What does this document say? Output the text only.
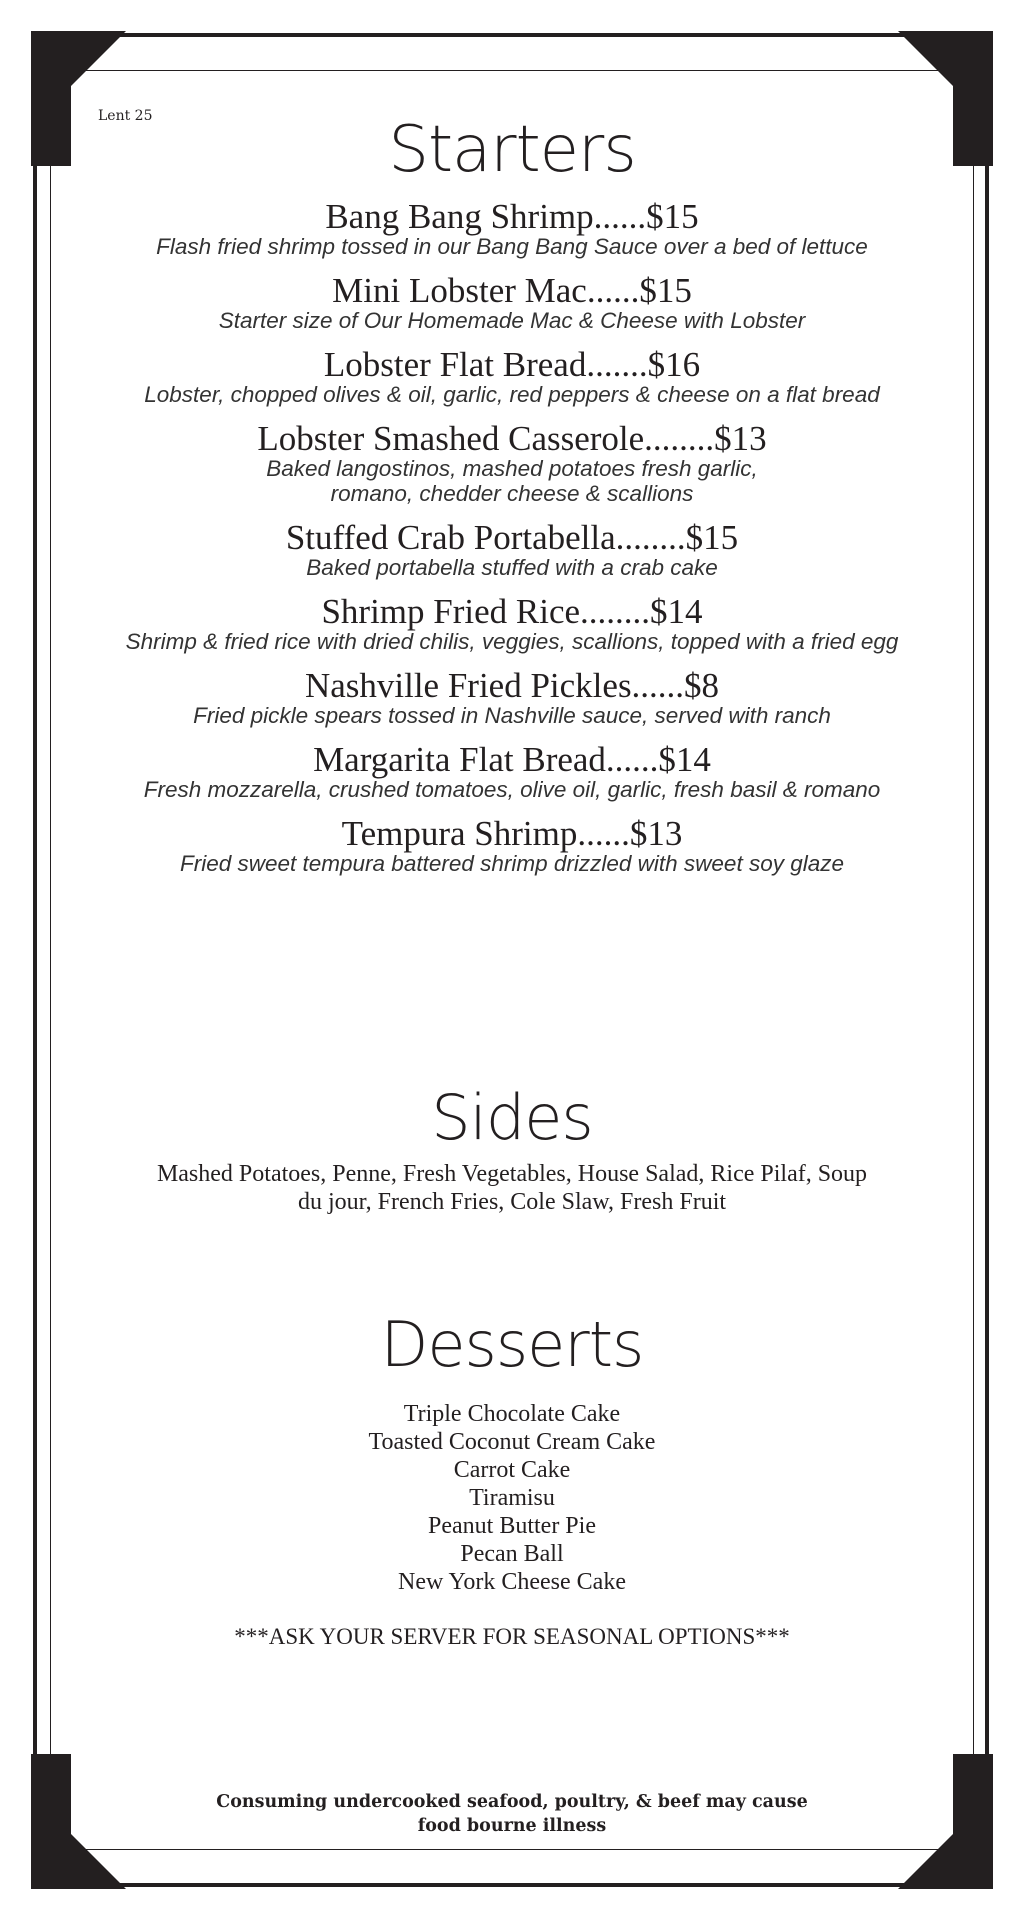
Lent 25	Starters
Bang Bang Shrimp......$15
Flash fried shrimp tossed in our Bang Bang Sauce over a bed of lettuce
Mini Lobster Mac......$15
Starter size of Our Homemade Mac & Cheese with Lobster
Lobster Flat Bread.......$16
Lobster, chopped olives & oil, garlic, red peppers & cheese on a flat bread
Lobster Smashed Casserole........$13
Baked langostinos, mashed potatoes fresh garlic, romano, chedder cheese & scallions
Stuffed Crab Portabella........$15
Baked portabella stuffed with a crab cake
Shrimp Fried Rice........$14
Shrimp & fried rice with dried chilis, veggies, scallions, topped with a fried egg
Nashville Fried Pickles......$8
Fried pickle spears tossed in Nashville sauce, served with ranch
Margarita Flat Bread......$14
Fresh mozzarella, crushed tomatoes, olive oil, garlic, fresh basil & romano
Tempura Shrimp......$13
Fried sweet tempura battered shrimp drizzled with sweet soy glaze
Sides
Mashed Potatoes, Penne, Fresh Vegetables, House Salad, Rice Pilaf, Soup du jour, French Fries, Cole Slaw, Fresh Fruit
Desserts
Triple Chocolate Cake
Toasted Coconut Cream Cake
Carrot Cake
Tiramisu
Peanut Butter Pie
Pecan Ball
New York Cheese Cake
***ASK YOUR SERVER FOR SEASONAL OPTIONS***
Consuming undercooked seafood, poultry, & beef may cause food bourne illness
